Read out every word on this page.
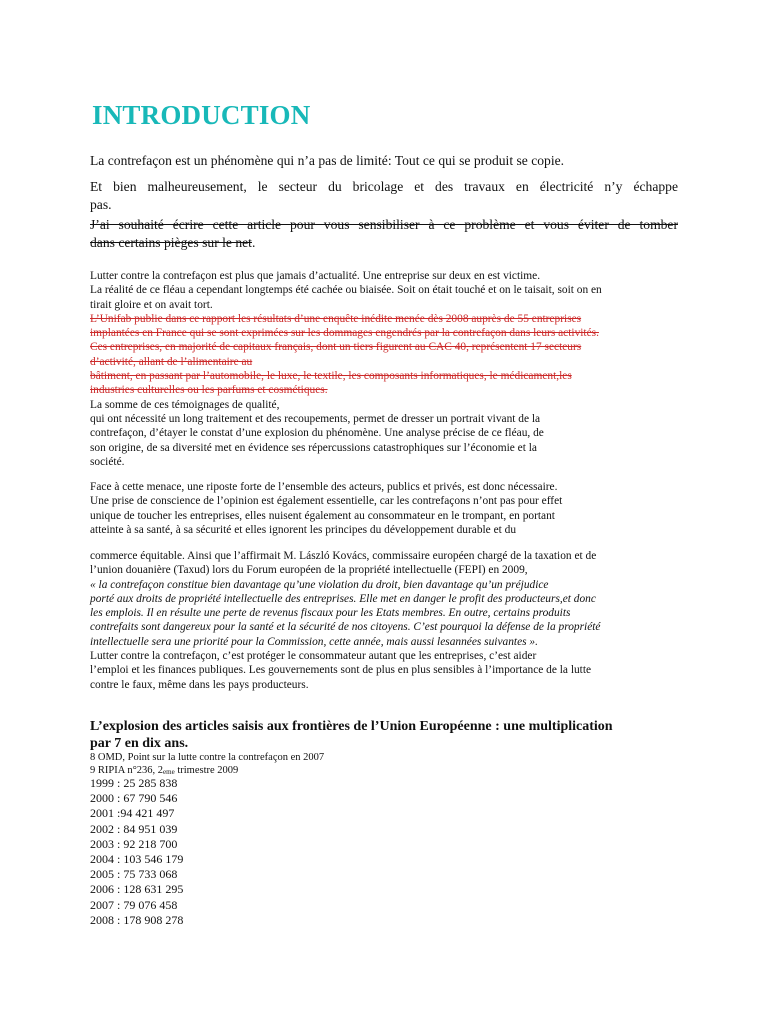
INTRODUCTION
La contrefaçon est un phénomène qui n’a pas de limité: Tout ce qui se produit se copie.
Et bien malheureusement, le secteur du bricolage et des travaux en électricité n’y échappe
pas.
J’ai souhaité écrire cette article pour vous sensibiliser à ce problème et vous éviter de tomber
dans certains pièges sur le net.
Lutter contre la contrefaçon est plus que jamais d’actualité. Une entreprise sur deux en est victime.
La réalité de ce fléau a cependant longtemps été cachée ou biaisée. Soit on était touché et on le taisait, soit on en
tirait gloire et on avait tort.
L’Unifab publie dans ce rapport les résultats d’une enquête inédite menée dès 2008 auprès de 55 entreprises
implantées en France qui se sont exprimées sur les dommages engendrés par la contrefaçon dans leurs activités.
Ces entreprises, en majorité de capitaux français, dont un tiers figurent au CAC 40, représentent 17 secteurs
d’activité, allant de l’alimentaire au
bâtiment, en passant par l’automobile, le luxe, le textile, les composants informatiques, le médicament,les
industries culturelles ou les parfums et cosmétiques.
La somme de ces témoignages de qualité,
qui ont nécessité un long traitement et des recoupements, permet de dresser un portrait vivant de la
contrefaçon, d’étayer le constat d’une explosion du phénomène. Une analyse précise de ce fléau, de
son origine, de sa diversité met en évidence ses répercussions catastrophiques sur l’économie et la
société.
Face à cette menace, une riposte forte de l’ensemble des acteurs, publics et privés, est donc nécessaire.
Une prise de conscience de l’opinion est également essentielle, car les contrefaçons n’ont pas pour effet
unique de toucher les entreprises, elles nuisent également au consommateur en le trompant, en portant
atteinte à sa santé, à sa sécurité et elles ignorent les principes du développement durable et du
commerce équitable. Ainsi que l’affirmait M. László Kovács, commissaire européen chargé de la taxation et de
l’union douanière (Taxud) lors du Forum européen de la propriété intellectuelle (FEPI) en 2009,
« la contrefaçon constitue bien davantage qu’une violation du droit, bien davantage qu’un préjudice
porté aux droits de propriété intellectuelle des entreprises. Elle met en danger le profit des producteurs,et donc
les emplois. Il en résulte une perte de revenus fiscaux pour les Etats membres. En outre, certains produits
contrefaits sont dangereux pour la santé et la sécurité de nos citoyens. C’est pourquoi la défense de la propriété
intellectuelle sera une priorité pour la Commission, cette année, mais aussi lesannées suivantes ».
Lutter contre la contrefaçon, c’est protéger le consommateur autant que les entreprises, c’est aider
l’emploi et les finances publiques. Les gouvernements sont de plus en plus sensibles à l’importance de la lutte
contre le faux, même dans les pays producteurs.
L’explosion des articles saisis aux frontières de l’Union Européenne : une multiplication
par 7 en dix ans.
8 OMD, Point sur la lutte contre la contrefaçon en 2007
9 RIPIA n°236, $2_{eme}$ trimestre 2009
1999 : 25 285 838
2000 : 67 790 546
2001 :94 421 497
2002 : 84 951 039
2003 : 92 218 700
2004 : 103 546 179
2005 : 75 733 068
2006 : 128 631 295
2007 : 79 076 458
2008 : 178 908 278
